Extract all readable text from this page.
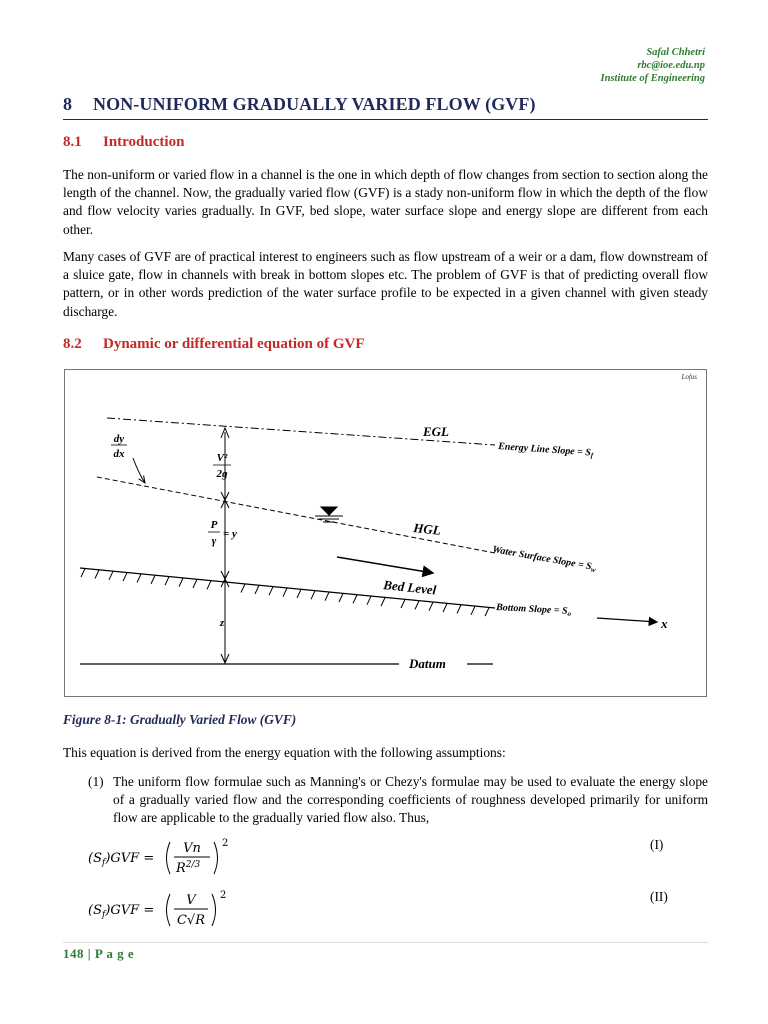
Safal Chhetri
rbc@ioe.edu.np
Institute of Engineering
8 NON-UNIFORM GRADUALLY VARIED FLOW (GVF)
8.1 Introduction
The non-uniform or varied flow in a channel is the one in which depth of flow changes from section to section along the length of the channel. Now, the gradually varied flow (GVF) is a stady non-uniform flow in which the depth of the flow and flow velocity varies gradually. In GVF, bed slope, water surface slope and energy slope are different from each other.
Many cases of GVF are of practical interest to engineers such as flow upstream of a weir or a dam, flow downstream of a sluice gate, flow in channels with break in bottom slopes etc. The problem of GVF is that of predicting overall flow pattern, or in other words prediction of the water surface profile to be expected in a given channel with given steady discharge.
8.2 Dynamic or differential equation of GVF
Lofus
EGL
Energy Line Slope = $S_f$
HGL
Water Surface Slope = $S_w$
Bed Level
Bottom Slope = $S_o$
Datum
x
dy
dx	V²
2g
P
γ
= y
z
Figure 8-1: Gradually Varied Flow (GVF)
This equation is derived from the energy equation with the following assumptions:
(1) The uniform flow formulae such as Manning's or Chezy's formulae may be used to evaluate the energy slope of a gradually varied flow and the corresponding coefficients of roughness developed primarily for uniform flow are applicable to the gradually varied flow also. Thus,
$(S_f)GVF$ =
Vn
$R^{2/3}$
2	(I)
$(S_f)GVF$ =
V
C√R
2	(II)
148 | P a g e
